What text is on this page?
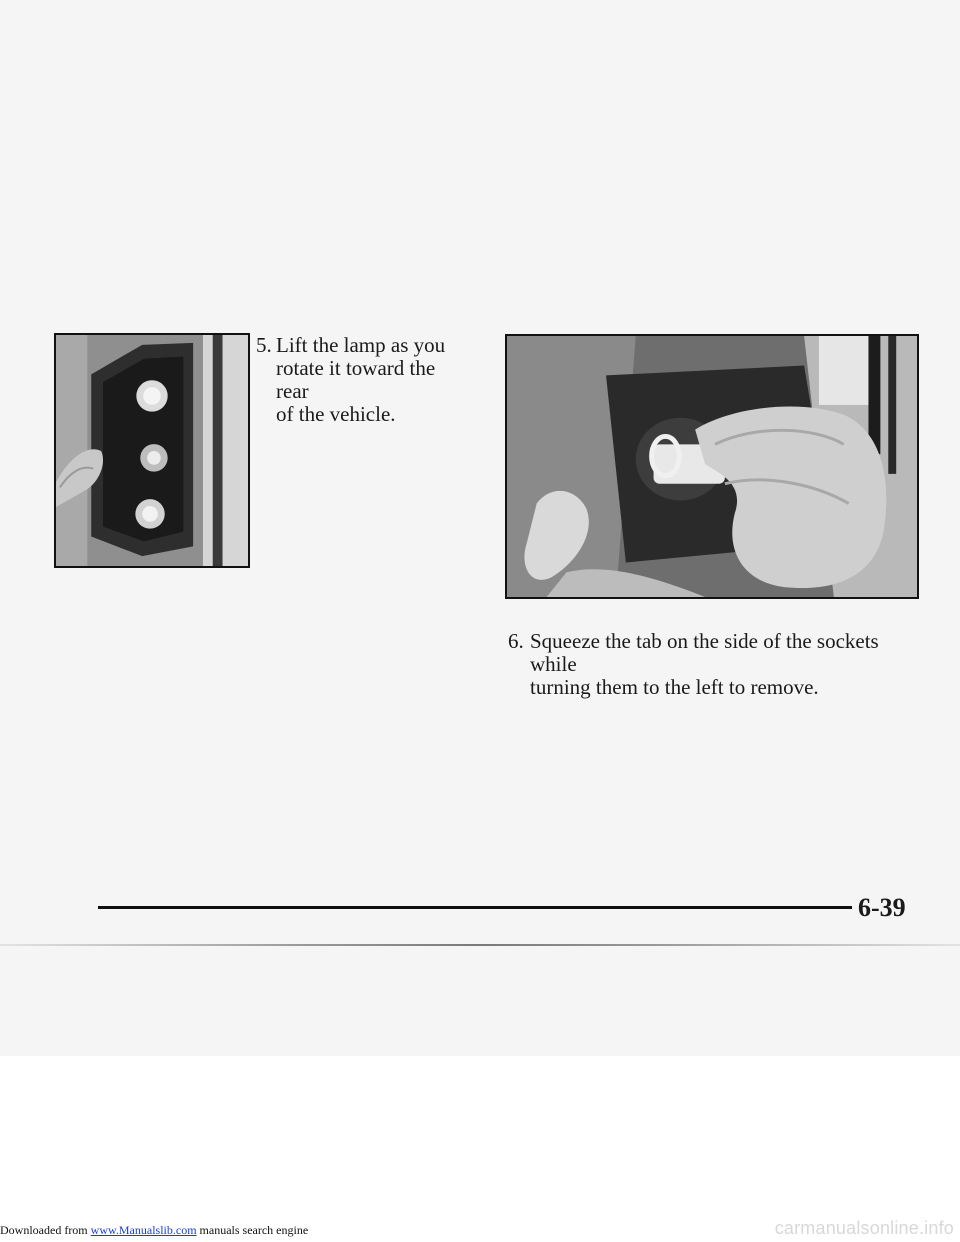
5. Lift the lamp as you
rotate it toward the rear
of the vehicle.
6. Squeeze the tab on the side of the sockets while
turning them to the left to remove.
6-39
Downloaded from www.Manualslib.com manuals search engine	carmanualsonline.info
